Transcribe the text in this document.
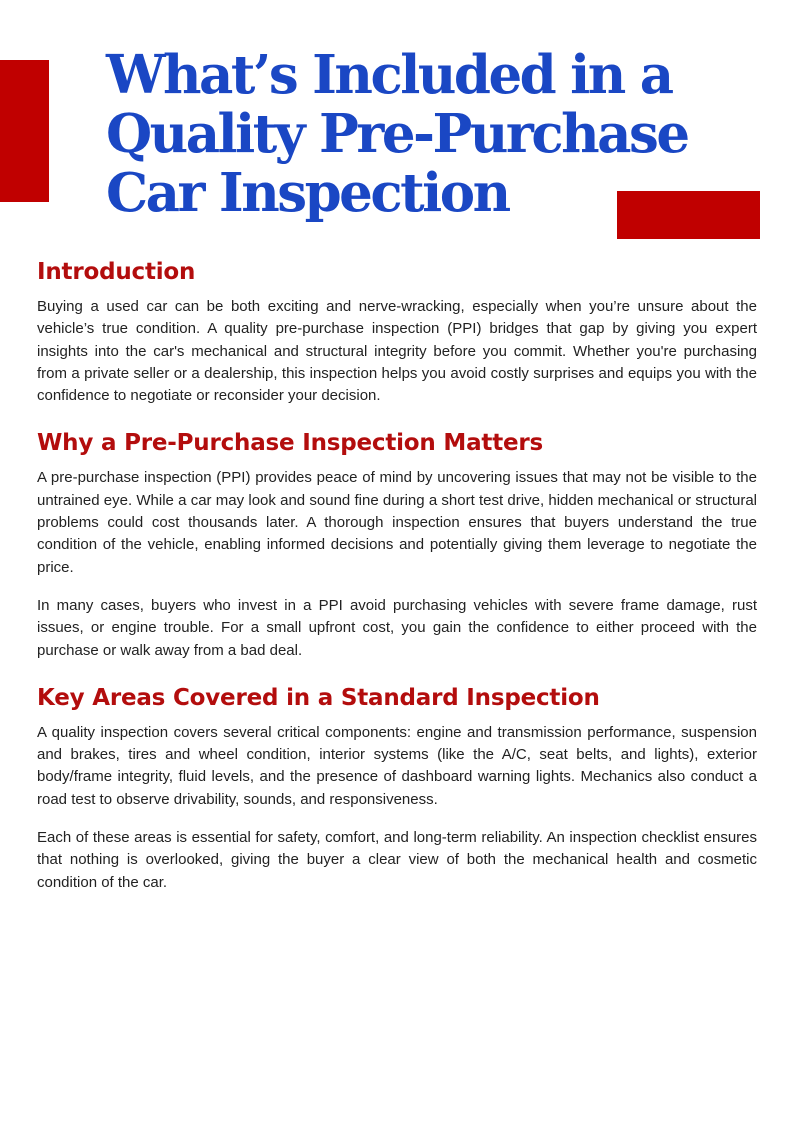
What’s Included in a
Quality Pre-Purchase
Car Inspection
Introduction

Buying a used car can be both exciting and nerve-wracking, especially when you’re unsure about the vehicle’s true condition. A quality pre-purchase inspection (PPI) bridges that gap by giving you expert insights into the car's mechanical and structural integrity before you commit. Whether you're purchasing from a private seller or a dealership, this inspection helps you avoid costly surprises and equips you with the confidence to negotiate or reconsider your decision.

Why a Pre-Purchase Inspection Matters

A pre-purchase inspection (PPI) provides peace of mind by uncovering issues that may not be visible to the untrained eye. While a car may look and sound fine during a short test drive, hidden mechanical or structural problems could cost thousands later. A thorough inspection ensures that buyers understand the true condition of the vehicle, enabling informed decisions and potentially giving them leverage to negotiate the price.

In many cases, buyers who invest in a PPI avoid purchasing vehicles with severe frame damage, rust issues, or engine trouble. For a small upfront cost, you gain the confidence to either proceed with the purchase or walk away from a bad deal.

Key Areas Covered in a Standard Inspection

A quality inspection covers several critical components: engine and transmission performance, suspension and brakes, tires and wheel condition, interior systems (like the A/C, seat belts, and lights), exterior body/frame integrity, fluid levels, and the presence of dashboard warning lights. Mechanics also conduct a road test to observe drivability, sounds, and responsiveness.

Each of these areas is essential for safety, comfort, and long-term reliability. An inspection checklist ensures that nothing is overlooked, giving the buyer a clear view of both the mechanical health and cosmetic condition of the car.
